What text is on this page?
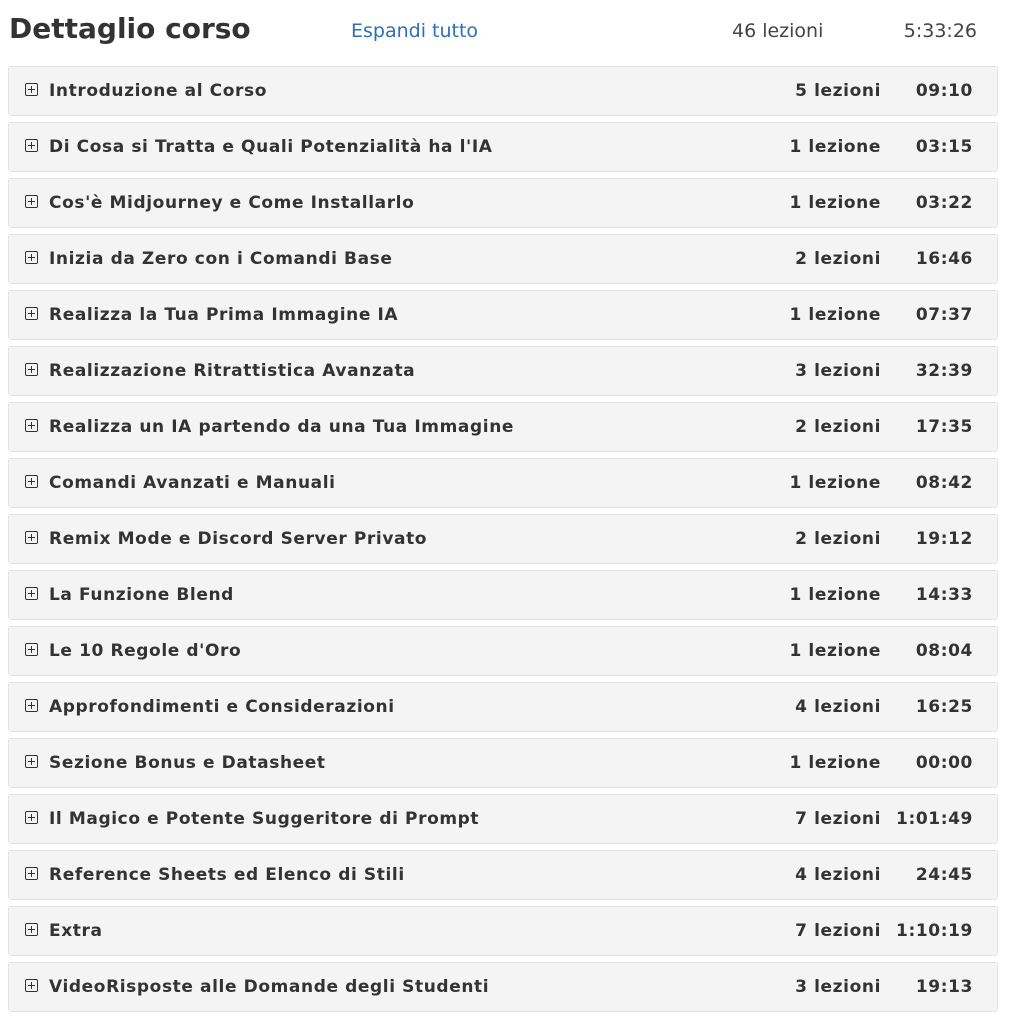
Dettaglio corso	Espandi tutto	46 lezioni	5:33:26
Introduzione al Corso	5 lezioni 09:10
Di Cosa si Tratta e Quali Potenzialità ha l'IA	1 lezione 03:15
Cos'è Midjourney e Come Installarlo	1 lezione 03:22
Inizia da Zero con i Comandi Base	2 lezioni 16:46
Realizza la Tua Prima Immagine IA	1 lezione 07:37
Realizzazione Ritrattistica Avanzata	3 lezioni 32:39
Realizza un IA partendo da una Tua Immagine	2 lezioni 17:35
Comandi Avanzati e Manuali	1 lezione 08:42
Remix Mode e Discord Server Privato	2 lezioni 19:12
La Funzione Blend	1 lezione 14:33
Le 10 Regole d'Oro	1 lezione 08:04
Approfondimenti e Considerazioni	4 lezioni 16:25
Sezione Bonus e Datasheet	1 lezione 00:00
Il Magico e Potente Suggeritore di Prompt	7 lezioni 1:01:49
Reference Sheets ed Elenco di Stili	4 lezioni 24:45
Extra	7 lezioni 1:10:19
VideoRisposte alle Domande degli Studenti	3 lezioni 19:13
